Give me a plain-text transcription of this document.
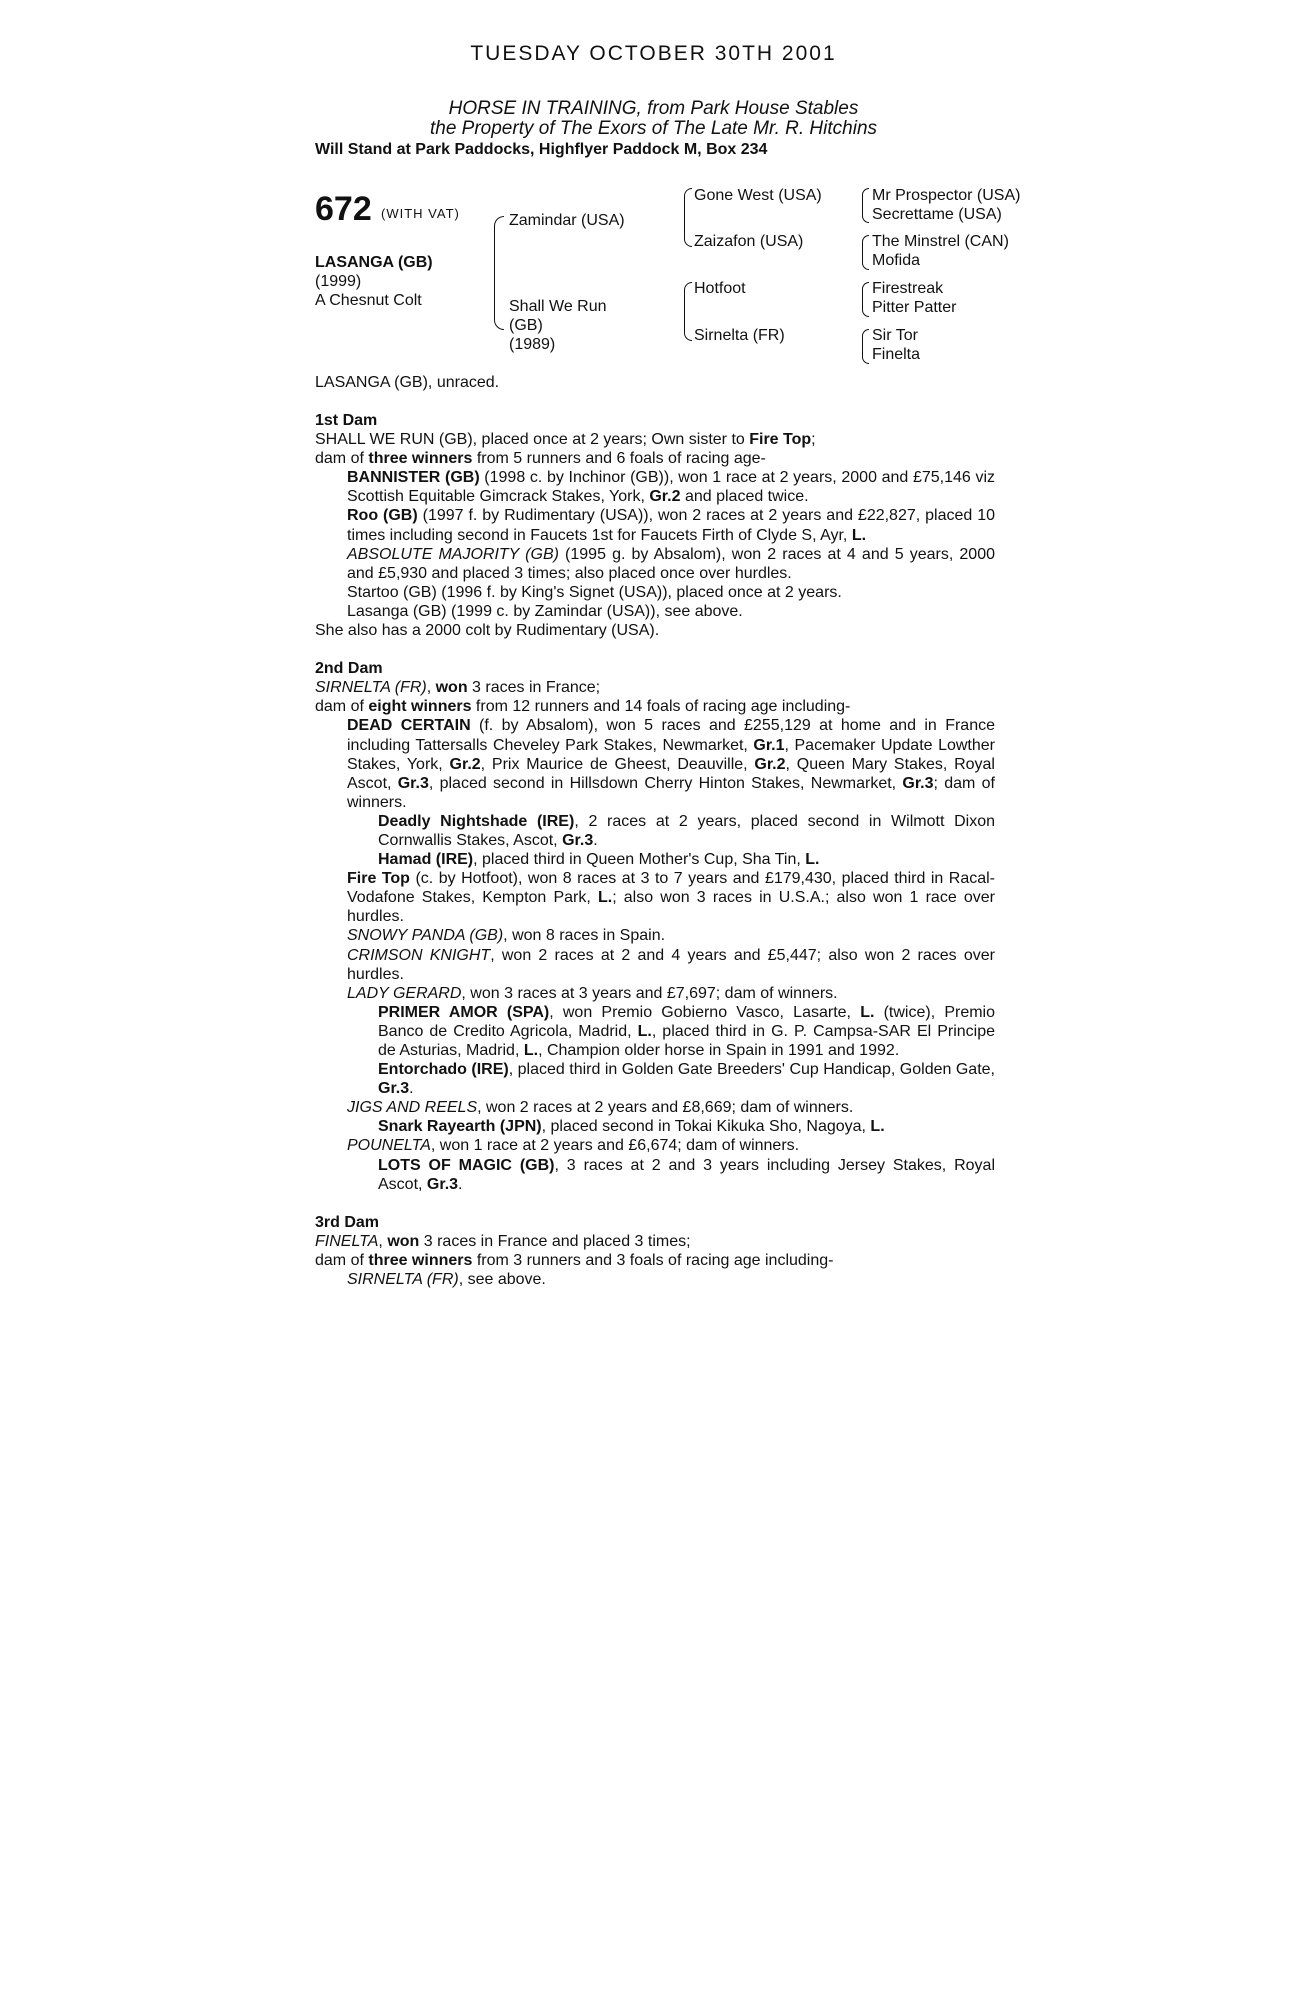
TUESDAY OCTOBER 30TH 2001
HORSE IN TRAINING, from Park House Stables
the Property of The Exors of The Late Mr. R. Hitchins
Will Stand at Park Paddocks, Highflyer Paddock M, Box 234
672 (WITH VAT)
LASANGA (GB)
(1999)
A Chesnut Colt
Zamindar (USA)
Shall We Run
(GB)
(1989)
Gone West (USA)
Zaizafon (USA)
Hotfoot
Sirnelta (FR)
Mr Prospector (USA)
Secrettame (USA)
The Minstrel (CAN)
Mofida
Firestreak
Pitter Patter
Sir Tor
Finelta
LASANGA (GB), unraced.

1st Dam

SHALL WE RUN (GB), placed once at 2 years; Own sister to Fire Top;

dam of three winners from 5 runners and 6 foals of racing age-

BANNISTER (GB) (1998 c. by Inchinor (GB)), won 1 race at 2 years, 2000 and £75,146 viz Scottish Equitable Gimcrack Stakes, York, Gr.2 and placed twice.

Roo (GB) (1997 f. by Rudimentary (USA)), won 2 races at 2 years and £22,827, placed 10 times including second in Faucets 1st for Faucets Firth of Clyde S, Ayr, L.

ABSOLUTE MAJORITY (GB) (1995 g. by Absalom), won 2 races at 4 and 5 years, 2000 and £5,930 and placed 3 times; also placed once over hurdles.

Startoo (GB) (1996 f. by King's Signet (USA)), placed once at 2 years.

Lasanga (GB) (1999 c. by Zamindar (USA)), see above.

She also has a 2000 colt by Rudimentary (USA).

2nd Dam

SIRNELTA (FR), won 3 races in France;

dam of eight winners from 12 runners and 14 foals of racing age including-

DEAD CERTAIN (f. by Absalom), won 5 races and £255,129 at home and in France including Tattersalls Cheveley Park Stakes, Newmarket, Gr.1, Pacemaker Update Lowther Stakes, York, Gr.2, Prix Maurice de Gheest, Deauville, Gr.2, Queen Mary Stakes, Royal Ascot, Gr.3, placed second in Hillsdown Cherry Hinton Stakes, Newmarket, Gr.3; dam of winners.

Deadly Nightshade (IRE), 2 races at 2 years, placed second in Wilmott Dixon Cornwallis Stakes, Ascot, Gr.3.

Hamad (IRE), placed third in Queen Mother's Cup, Sha Tin, L.

Fire Top (c. by Hotfoot), won 8 races at 3 to 7 years and £179,430, placed third in Racal-Vodafone Stakes, Kempton Park, L.; also won 3 races in U.S.A.; also won 1 race over hurdles.

SNOWY PANDA (GB), won 8 races in Spain.

CRIMSON KNIGHT, won 2 races at 2 and 4 years and £5,447; also won 2 races over hurdles.

LADY GERARD, won 3 races at 3 years and £7,697; dam of winners.

PRIMER AMOR (SPA), won Premio Gobierno Vasco, Lasarte, L. (twice), Premio Banco de Credito Agricola, Madrid, L., placed third in G. P. Campsa-SAR El Principe de Asturias, Madrid, L., Champion older horse in Spain in 1991 and 1992.

Entorchado (IRE), placed third in Golden Gate Breeders' Cup Handicap, Golden Gate, Gr.3.

JIGS AND REELS, won 2 races at 2 years and £8,669; dam of winners.

Snark Rayearth (JPN), placed second in Tokai Kikuka Sho, Nagoya, L.

POUNELTA, won 1 race at 2 years and £6,674; dam of winners.

LOTS OF MAGIC (GB), 3 races at 2 and 3 years including Jersey Stakes, Royal Ascot, Gr.3.

3rd Dam

FINELTA, won 3 races in France and placed 3 times;

dam of three winners from 3 runners and 3 foals of racing age including-

SIRNELTA (FR), see above.
